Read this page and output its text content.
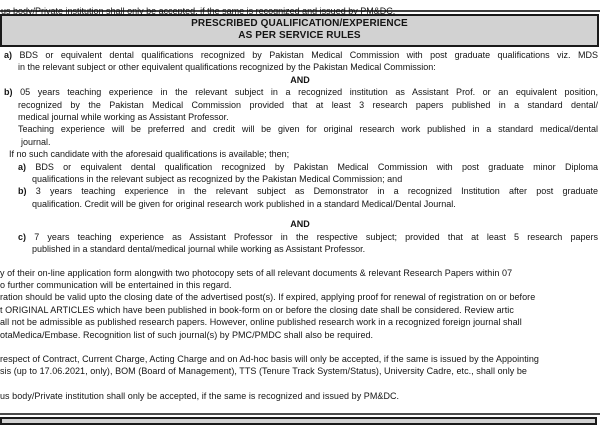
us body/Private institution shall only be accepted, if the same is recognized and issued by PM&DC.
PRESCRIBED QUALIFICATION/EXPERIENCE
AS PER SERVICE RULES
a) BDS or equivalent dental qualifications recognized by Pakistan Medical Commission with post graduate qualifications viz. MDS
in the relevant subject or other equivalent qualifications recognized by the Pakistan Medical Commission:
AND
b) 05 years teaching experience in the relevant subject in a recognized institution as Assistant Prof. or an equivalent position,
recognized by the Pakistan Medical Commission provided that at least 3 research papers published in a standard dental/
medical journal while working as Assistant Professor.
Teaching experience will be preferred and credit will be given for original research work published in a standard medical/dental
journal.
If no such candidate with the aforesaid qualifications is available; then;
a) BDS or equivalent dental qualification recognized by Pakistan Medical Commission with post graduate minor Diploma
qualifications in the relevant subject as recognized by the Pakistan Medical Commission; and
b) 3 years teaching experience in the relevant subject as Demonstrator in a recognized Institution after post graduate
qualification. Credit will be given for original research work published in a standard Medical/Dental Journal.
AND
c) 7 years teaching experience as Assistant Professor in the respective subject; provided that at least 5 research papers
published in a standard dental/medical journal while working as Assistant Professor.
y of their on-line application form alongwith two photocopy sets of all relevant documents & relevant Research Papers within 07
o further communication will be entertained in this regard.
ration should be valid upto the closing date of the advertised post(s). If expired, applying proof for renewal of registration on or before
t ORIGINAL ARTICLES which have been published in book-form on or before the closing date shall be considered. Review artic
all not be admissible as published research papers. However, online published research work in a recognized foreign journal shall
otaMedica/Embase. Recognition list of such journal(s) by PMC/PMDC shall also be required.
respect of Contract, Current Charge, Acting Charge and on Ad-hoc basis will only be accepted, if the same is issued by the Appointing
sis (up to 17.06.2021, only), BOM (Board of Management), TTS (Tenure Track System/Status), University Cadre, etc., shall only be
us body/Private institution shall only be accepted, if the same is recognized and issued by PM&DC.
